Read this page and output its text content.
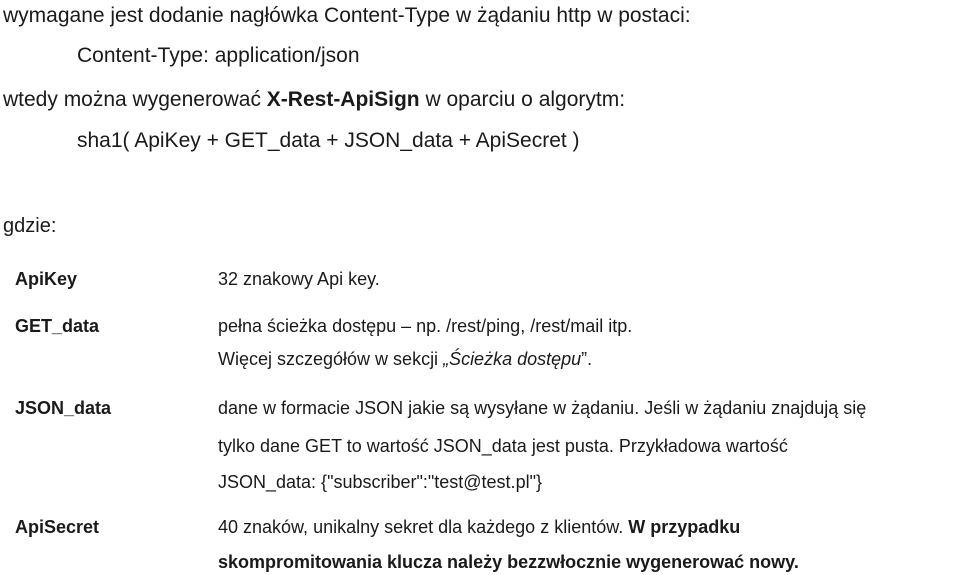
wymagane jest dodanie nagłówka Content-Type w żądaniu http w postaci:
Content-Type: application/json
wtedy można wygenerować X-Rest-ApiSign w oparciu o algorytm:
sha1( ApiKey + GET_data + JSON_data + ApiSecret )
gdzie:
ApiKey	32 znakowy Api key.
GET_data	pełna ścieżka dostępu – np. /rest/ping, /rest/mail itp.
Więcej szczegółów w sekcji „Ścieżka dostępu”.
JSON_data	dane w formacie JSON jakie są wysyłane w żądaniu. Jeśli w żądaniu znajdują się
tylko dane GET to wartość JSON_data jest pusta. Przykładowa wartość
JSON_data: {"subscriber":"test@test.pl"}
ApiSecret	40 znaków, unikalny sekret dla każdego z klientów. W przypadku
skompromitowania klucza należy bezzwłocznie wygenerować nowy.
